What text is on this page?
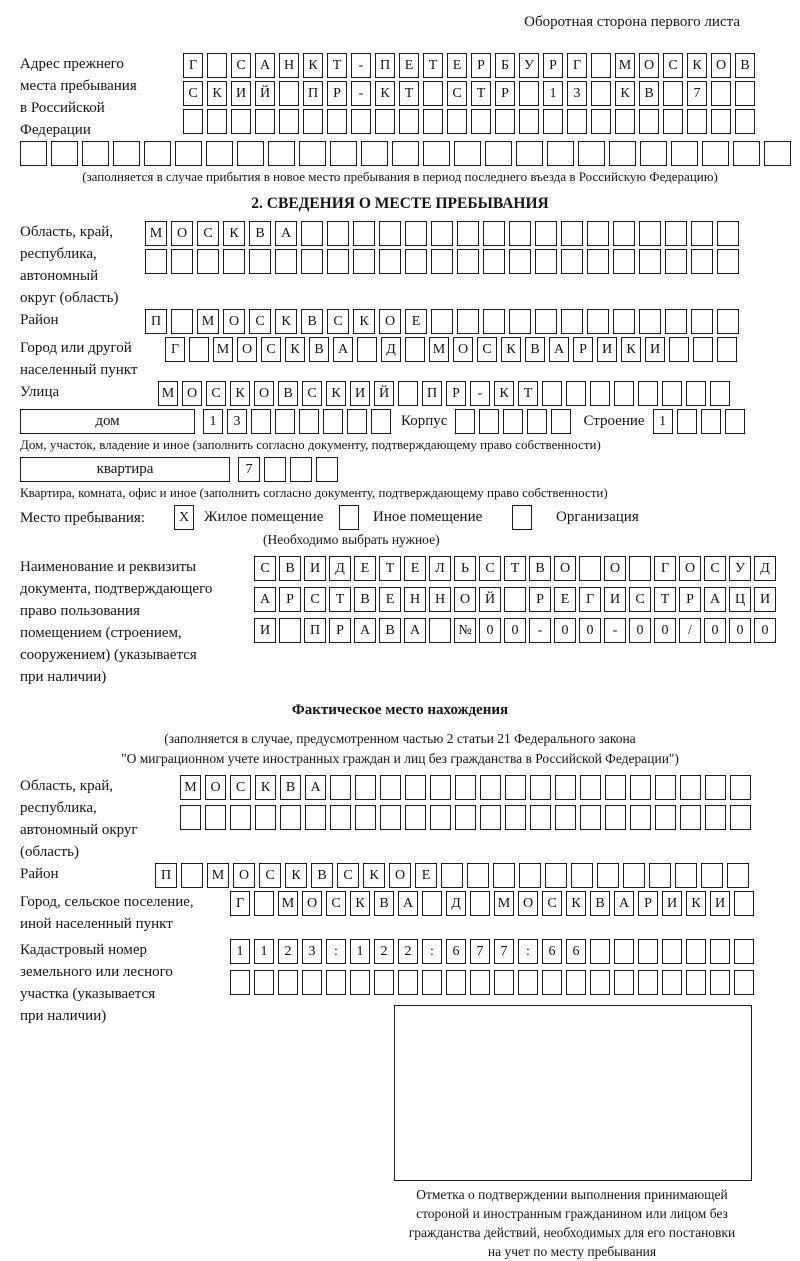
Оборотная сторона первого листа
Адрес прежнего
места пребывания
в Российской
Федерации
Г	С	А Н	К	Т	-	П	Е	Т	Е	Р	Б	У	Р	Г	М О	С	К	О	В
С	К	И Й	П	Р	-	К	Т	С	Т	Р	1	3	К	В	7
(заполняется в случае прибытия в новое место пребывания в период последнего въезда в Российскую Федерацию)
2. СВЕДЕНИЯ О МЕСТЕ ПРЕБЫВАНИЯ
Область, край,
республика,
автономный
округ (область)
М	О	С	К	В	А
Район	П	М	О	С	К	В	С	К	О	Е
Город или другой
населенный пункт
Г	М О	С	К	В	А	Д	М О	С	К	В	А	Р	И	К	И
Улица	М О	С	К	О	В	С	К	И Й	П	Р	-	К	Т
дом	1	3	Корпус	Строение	1
Дом, участок, владение и иное (заполнить согласно документу, подтверждающему право собственности)
квартира	7
Квартира, комната, офис и иное (заполнить согласно документу, подтверждающему право собственности)
Место пребывания:	X Жилое помещение	Иное помещение	Организация
(Необходимо выбрать нужное)
Наименование и реквизиты
документа, подтверждающего
право пользования
помещением (строением,
сооружением) (указывается
при наличии)
С	В	И	Д	Е	Т	Е	Л	Ь	С	Т	В	О	О	Г	О	С	У	Д
А	Р	С	Т	В	Е	Н	Н	О	Й	Р	Е	Г	И	С	Т	Р	А	Ц	И
И	П	Р	А	В	А	№	0	0	-	0	0	-	0	0	/	0	0	0
Фактическое место нахождения
(заполняется в случае, предусмотренном частью 2 статьи 21 Федерального закона
"О миграционном учете иностранных граждан и лиц без гражданства в Российской Федерации")
Область, край,
республика,
автономный округ
(область)
М О	С	К	В	А
Район	П	М	О	С	К	В	С	К	О	Е
Город, сельское поселение,
иной населенный пункт
Г	М О	С	К	В	А	Д	М О	С	К	В	А	Р	И	К	И
Кадастровый номер
земельного или лесного
участка (указывается
при наличии)
1	1	2	3	:	1	2	2	:	6	7	7	:	6	6
Отметка о подтверждении выполнения принимающей
стороной и иностранным гражданином или лицом без
гражданства действий, необходимых для его постановки
на учет по месту пребывания
